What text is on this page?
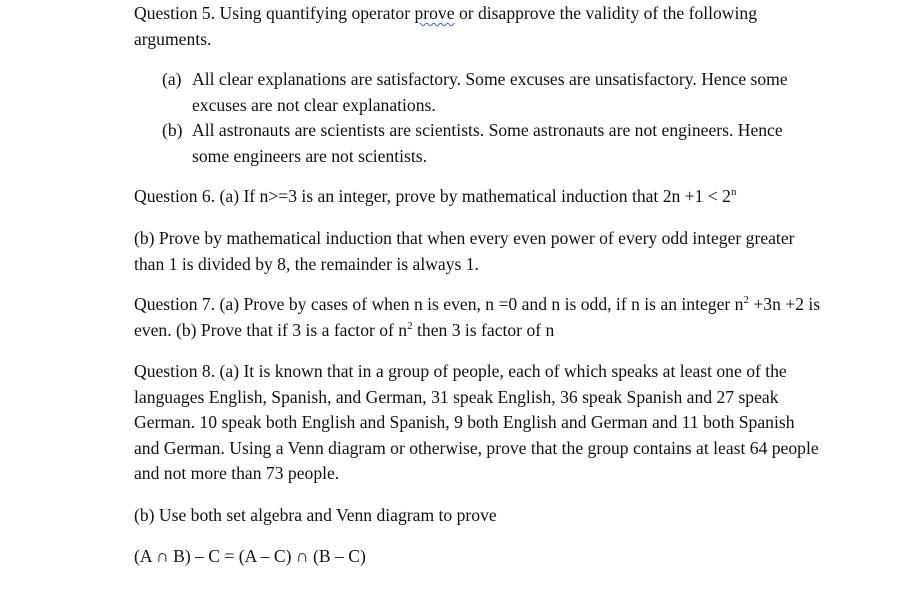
Question 5. Using quantifying operator prove or disapprove the validity of the following arguments.

(a) All clear explanations are satisfactory. Some excuses are unsatisfactory. Hence some excuses are not clear explanations.
(b) All astronauts are scientists are scientists. Some astronauts are not engineers. Hence some engineers are not scientists.

Question 6. (a) If n>=3 is an integer, prove by mathematical induction that $2n +1 < 2^n$

(b) Prove by mathematical induction that when every even power of every odd integer greater than 1 is divided by 8, the remainder is always 1.

Question 7. (a) Prove by cases of when n is even, n =0 and n is odd, if n is an integer $n^2 +3n +2$ is even. (b) Prove that if 3 is a factor of $n^2$ then 3 is factor of n

Question 8. (a) It is known that in a group of people, each of which speaks at least one of the languages English, Spanish, and German, 31 speak English, 36 speak Spanish and 27 speak German. 10 speak both English and Spanish, 9 both English and German and 11 both Spanish and German. Using a Venn diagram or otherwise, prove that the group contains at least 64 people and not more than 73 people.

(b) Use both set algebra and Venn diagram to prove

(A ∩ B) – C = (A – C) ∩ (B – C)
